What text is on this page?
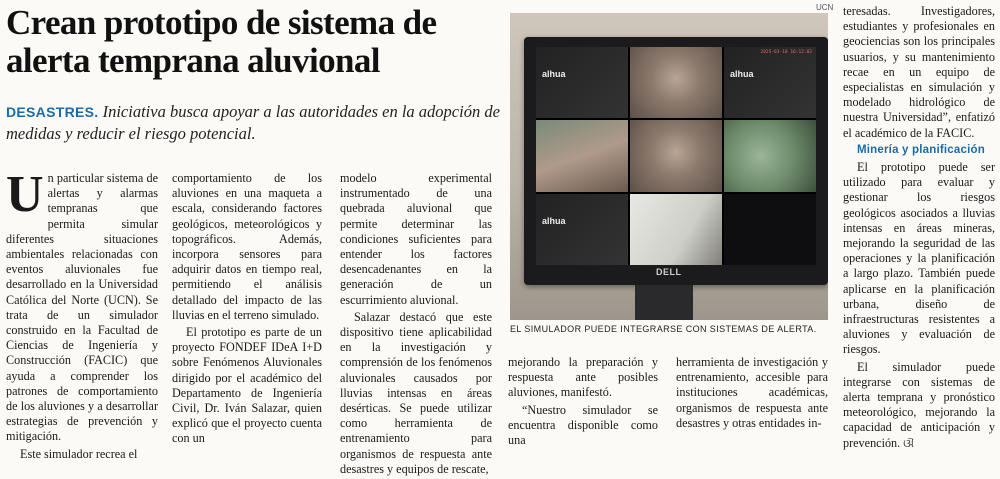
Crean prototipo de sistema de alerta temprana aluvional
DESASTRES. Iniciativa busca apoyar a las autoridades en la adopción de medidas y reducir el riesgo potencial.

Un particular sistema de alertas y alarmas tempranas que permita simular diferentes situaciones ambientales relacionadas con eventos aluvionales fue desarrollado en la Universidad Católica del Norte (UCN). Se trata de un simulador construido en la Facultad de Ciencias de Ingeniería y Construcción (FACIC) que ayuda a comprender los patrones de comportamiento de los aluviones y a desarrollar estrategias de prevención y mitigación.

Este simulador recrea el

comportamiento de los aluviones en una maqueta a escala, considerando factores geológicos, meteorológicos y topográficos. Además, incorpora sensores para adquirir datos en tiempo real, permitiendo el análisis detallado del impacto de las lluvias en el terreno simulado.

El prototipo es parte de un proyecto FONDEF IDeA I+D sobre Fenómenos Aluvionales dirigido por el académico del Departamento de Ingeniería Civil, Dr. Iván Salazar, quien explicó que el proyecto cuenta con un

modelo experimental instrumentado de una quebrada aluvional que permite determinar las condiciones suficientes para entender los factores desencadenantes en la generación de un escurrimiento aluvional.

Salazar destacó que este dispositivo tiene aplicabilidad en la investigación y comprensión de los fenómenos aluvionales causados por lluvias intensas en áreas desérticas. Se puede utilizar como herramienta de entrenamiento para organismos de respuesta ante desastres y equipos de rescate,

alhua
2025-03-18 16:12:02
alhua
alhua
DELL
UCN
EL SIMULADOR PUEDE INTEGRARSE CON SISTEMAS DE ALERTA.

mejorando la preparación y respuesta ante posibles aluviones, manifestó.

“Nuestro simulador se encuentra disponible como una

herramienta de investigación y entrenamiento, accesible para instituciones académicas, organismos de respuesta ante desastres y otras entidades in-

teresadas. Investigadores, estudiantes y profesionales en geociencias son los principales usuarios, y su mantenimiento recae en un equipo de especialistas en simulación y modelado hidrológico de nuestra Universidad”, enfatizó el académico de la FACIC.

Minería y planificación

El prototipo puede ser utilizado para evaluar y gestionar los riesgos geológicos asociados a lluvias intensas en áreas mineras, mejorando la seguridad de las operaciones y la planificación a largo plazo. También puede aplicarse en la planificación urbana, diseño de infraestructuras resistentes a aluviones y evaluación de riesgos.

El simulador puede integrarse con sistemas de alerta temprana y pronóstico meteorológico, mejorando la capacidad de anticipación y prevención. ଔ
